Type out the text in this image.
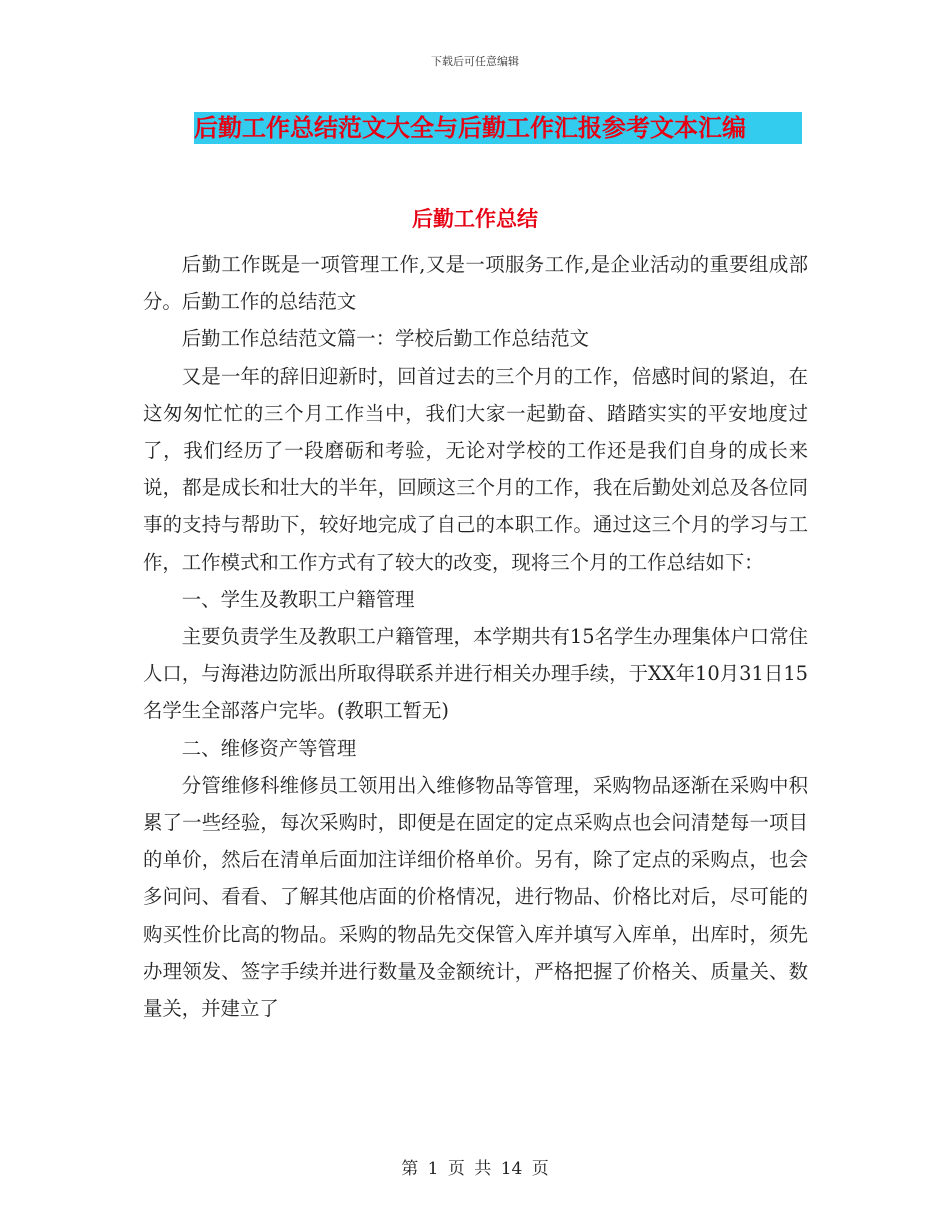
下载后可任意编辑
后勤工作总结范文大全与后勤工作汇报参考文本汇编
后勤工作总结

后勤工作既是一项管理工作,又是一项服务工作,是企业活动的重要组成部分。后勤工作的总结范文

后勤工作总结范文篇一：学校后勤工作总结范文

又是一年的辞旧迎新时，回首过去的三个月的工作，倍感时间的紧迫，在这匆匆忙忙的三个月工作当中，我们大家一起勤奋、踏踏实实的平安地度过了，我们经历了一段磨砺和考验，无论对学校的工作还是我们自身的成长来说，都是成长和壮大的半年，回顾这三个月的工作，我在后勤处刘总及各位同事的支持与帮助下，较好地完成了自己的本职工作。通过这三个月的学习与工作，工作模式和工作方式有了较大的改变，现将三个月的工作总结如下：

一、学生及教职工户籍管理

主要负责学生及教职工户籍管理，本学期共有15名学生办理集体户口常住人口，与海港边防派出所取得联系并进行相关办理手续，于XX年10月31日15名学生全部落户完毕。(教职工暂无)

二、维修资产等管理

分管维修科维修员工领用出入维修物品等管理，采购物品逐渐在采购中积累了一些经验，每次采购时，即便是在固定的定点采购点也会问清楚每一项目的单价，然后在清单后面加注详细价格单价。另有，除了定点的采购点，也会多问问、看看、了解其他店面的价格情况，进行物品、价格比对后，尽可能的购买性价比高的物品。采购的物品先交保管入库并填写入库单，出库时，须先办理领发、签字手续并进行数量及金额统计，严格把握了价格关、质量关、数量关，并建立了

第 1 页 共 14 页
